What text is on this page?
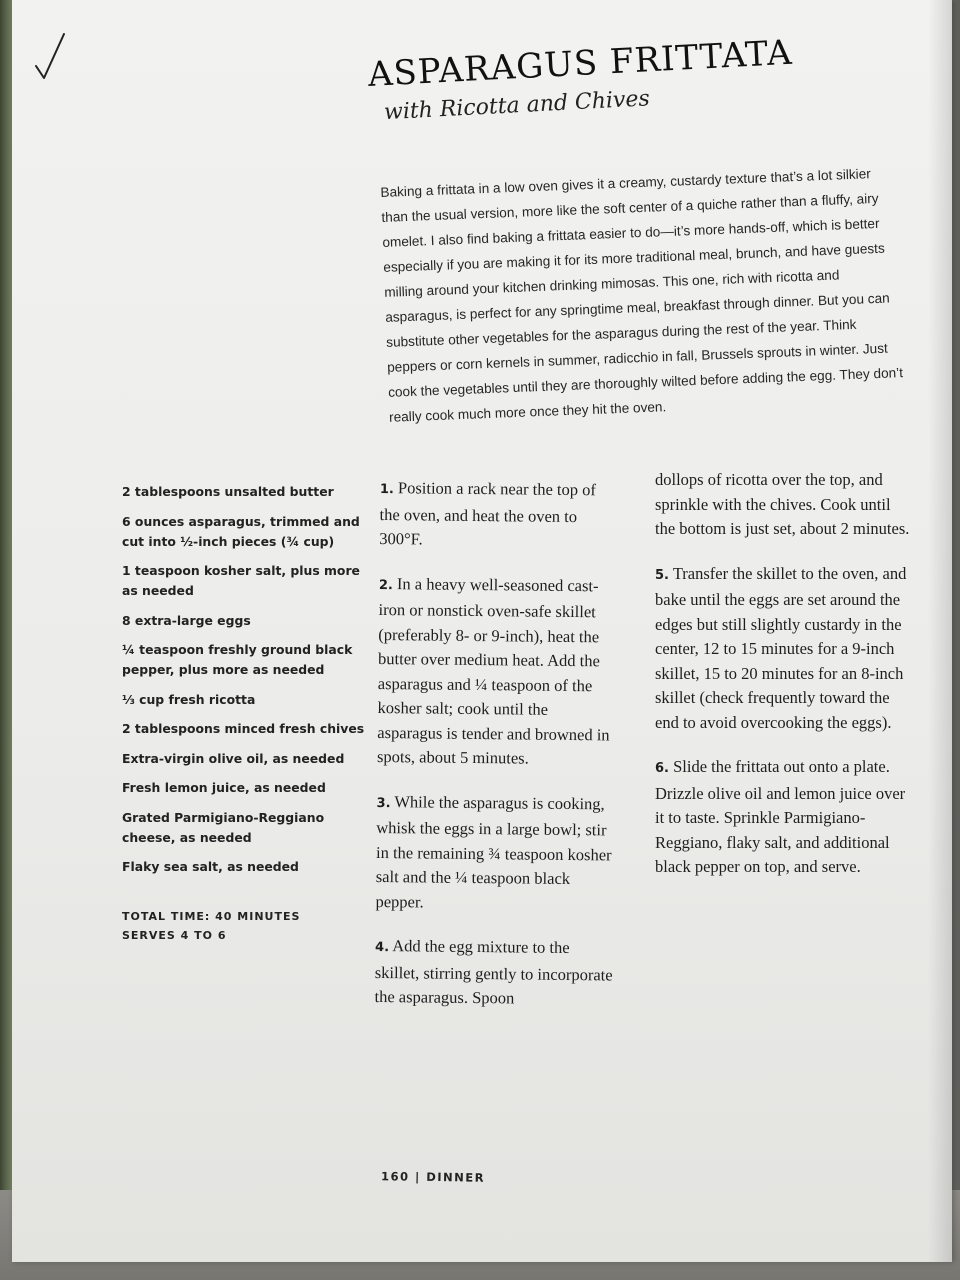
ASPARAGUS FRITTATA
with Ricotta and Chives
Baking a frittata in a low oven gives it a creamy, custardy texture that’s a lot silkier than the usual version, more like the soft center of a quiche rather than a fluffy, airy omelet. I also find baking a frittata easier to do—it’s more hands-off, which is better especially if you are making it for its more traditional meal, brunch, and have guests milling around your kitchen drinking mimosas. This one, rich with ricotta and asparagus, is perfect for any springtime meal, breakfast through dinner. But you can substitute other vegetables for the asparagus during the rest of the year. Think peppers or corn kernels in summer, radicchio in fall, Brussels sprouts in winter. Just cook the vegetables until they are thoroughly wilted before adding the egg. They don’t really cook much more once they hit the oven.
2 tablespoons unsalted butter
6 ounces asparagus, trimmed and cut into ½-inch pieces (¾ cup)
1 teaspoon kosher salt, plus more as needed
8 extra-large eggs
¼ teaspoon freshly ground black pepper, plus more as needed
⅓ cup fresh ricotta
2 tablespoons minced fresh chives
Extra-virgin olive oil, as needed
Fresh lemon juice, as needed
Grated Parmigiano-Reggiano cheese, as needed
Flaky sea salt, as needed
TOTAL TIME: 40 MINUTES
SERVES 4 TO 6

1. Position a rack near the top of the oven, and heat the oven to 300°F.

2. In a heavy well-seasoned cast-iron or nonstick oven-safe skillet (preferably 8- or 9-inch), heat the butter over medium heat. Add the asparagus and ¼ teaspoon of the kosher salt; cook until the asparagus is tender and browned in spots, about 5 minutes.

3. While the asparagus is cooking, whisk the eggs in a large bowl; stir in the remaining ¾ teaspoon kosher salt and the ¼ teaspoon black pepper.

4. Add the egg mixture to the skillet, stirring gently to incorporate the asparagus. Spoon

dollops of ricotta over the top, and sprinkle with the chives. Cook until the bottom is just set, about 2 minutes.

5. Transfer the skillet to the oven, and bake until the eggs are set around the edges but still slightly custardy in the center, 12 to 15 minutes for a 9-inch skillet, 15 to 20 minutes for an 8-inch skillet (check frequently toward the end to avoid overcooking the eggs).

6. Slide the frittata out onto a plate. Drizzle olive oil and lemon juice over it to taste. Sprinkle Parmigiano-Reggiano, flaky salt, and additional black pepper on top, and serve.

160 | DINNER
